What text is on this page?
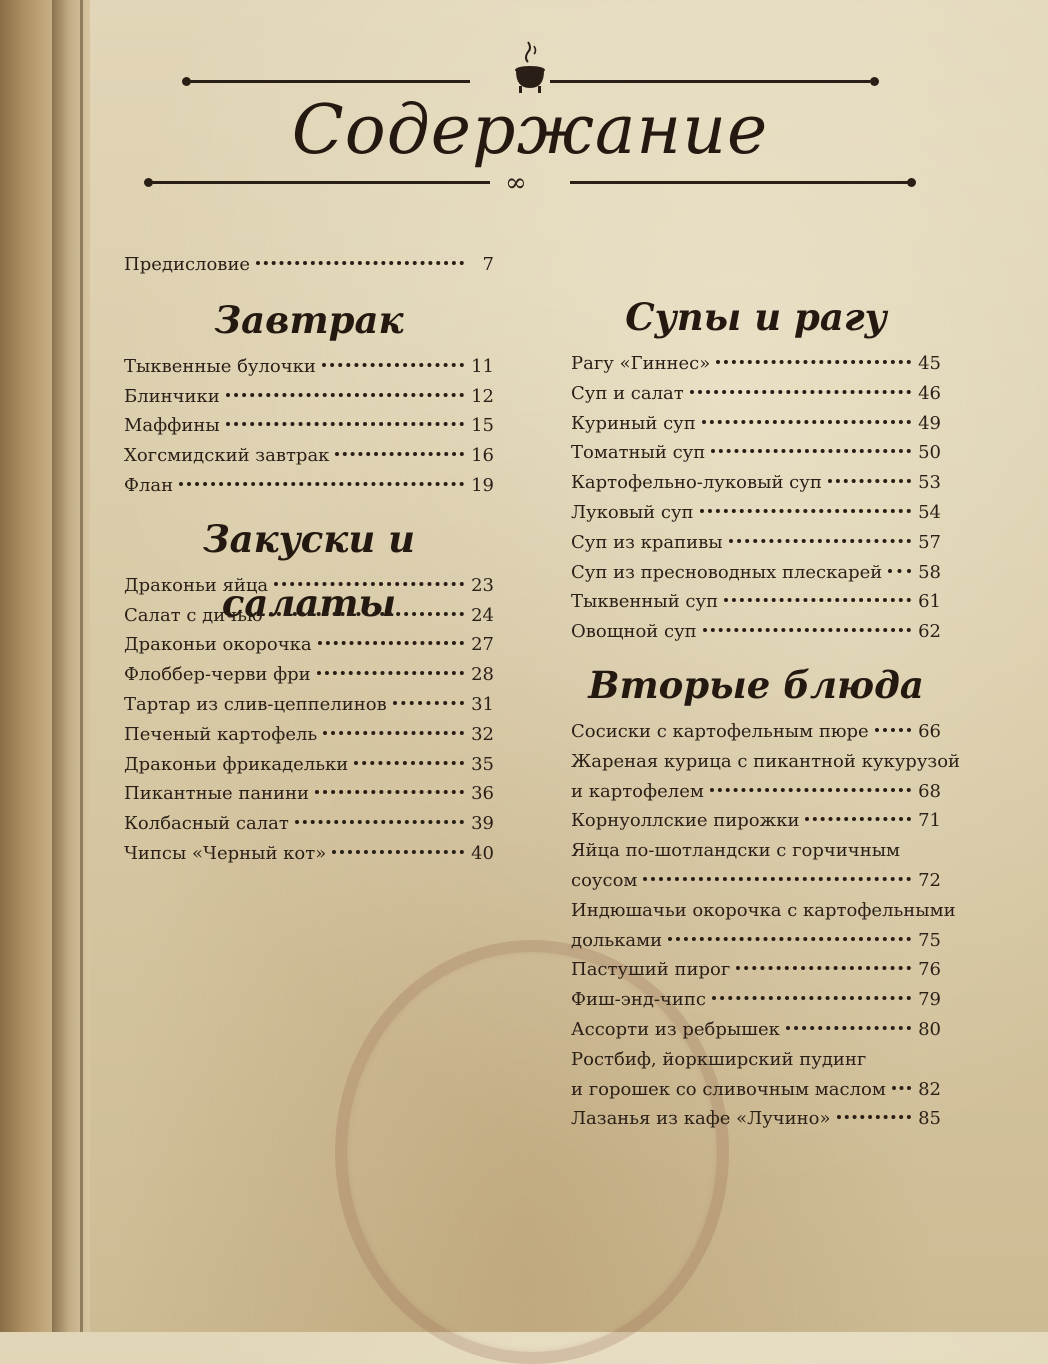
Содержание
∞
Предисловие	7
Завтрак
Тыквенные булочки	11
Блинчики	12
Маффины	15
Хогсмидский завтрак	16
Флан	19
Закуски и салаты
Драконьи яйца	23
Салат с дичью	24
Драконьи окорочка	27
Флоббер-черви фри	28
Тартар из слив-цеппелинов	31
Печеный картофель	32
Драконьи фрикадельки	35
Пикантные панини	36
Колбасный салат	39
Чипсы «Черный кот»	40
Супы и рагу
Рагу «Гиннес»	45
Суп и салат	46
Куриный суп	49
Томатный суп	50
Картофельно-луковый суп	53
Луковый суп	54
Суп из крапивы	57
Суп из пресноводных плескарей 58
Тыквенный суп	61
Овощной суп	62
Вторые блюда
Сосиски с картофельным пюре	66
Жареная курица с пикантной кукурузой
и картофелем	68
Корнуоллские пирожки	71
Яйца по-шотландски с горчичным
соусом	72
Индюшачьи окорочка с картофельными
дольками	75
Пастуший пирог	76
Фиш-энд-чипс	79
Ассорти из ребрышек	80
Ростбиф, йоркширский пудинг
и горошек со сливочным маслом 82
Лазанья из кафе «Лучино»	85
